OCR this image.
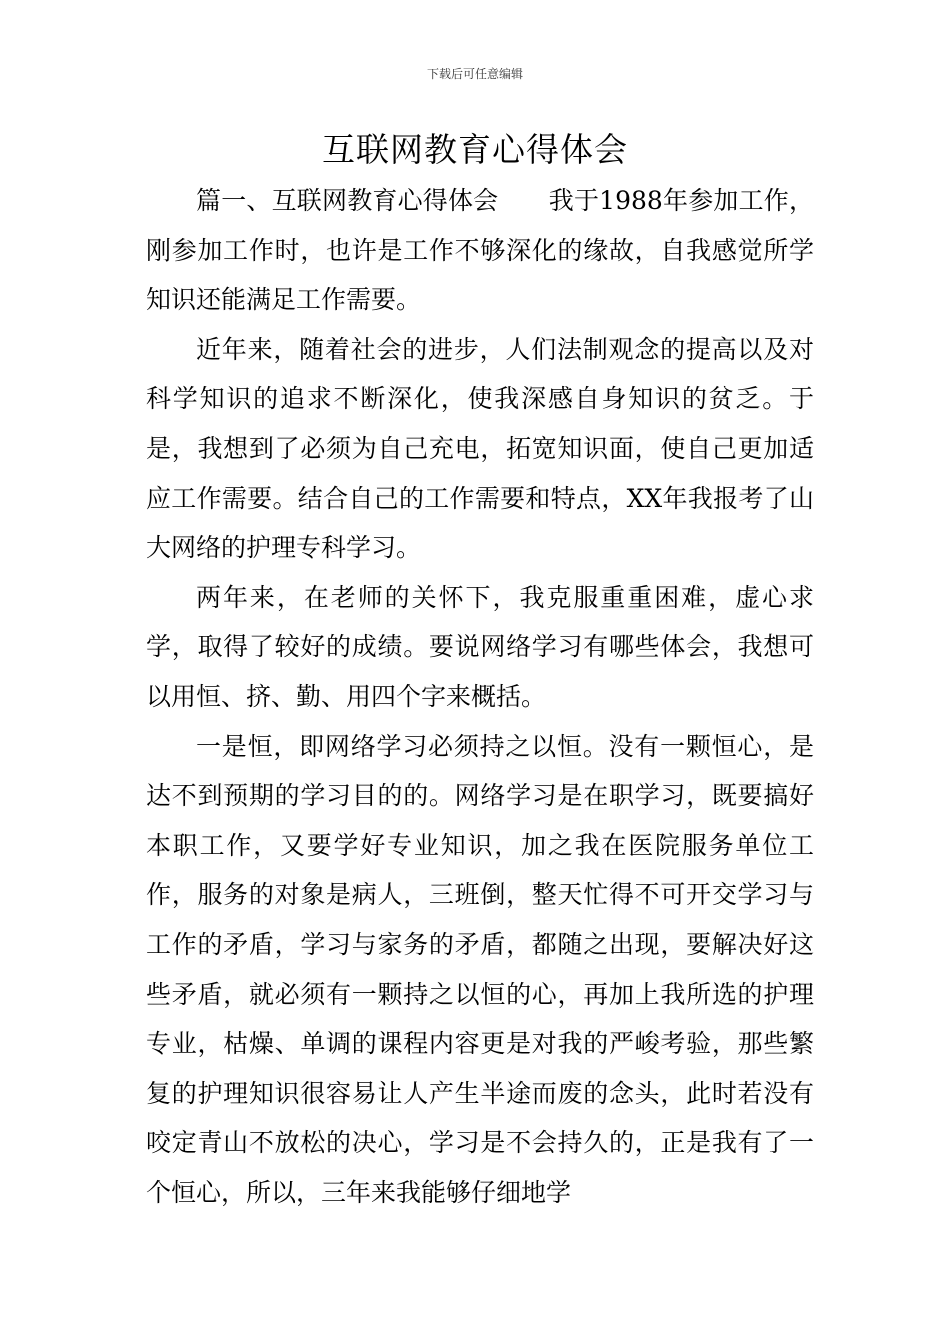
下载后可任意编辑
互联网教育心得体会

篇一、互联网教育心得体会　　我于1988年参加工作，刚参加工作时，也许是工作不够深化的缘故，自我感觉所学知识还能满足工作需要。

近年来，随着社会的进步，人们法制观念的提高以及对科学知识的追求不断深化，使我深感自身知识的贫乏。于是，我想到了必须为自己充电，拓宽知识面，使自己更加适应工作需要。结合自己的工作需要和特点，XX年我报考了山大网络的护理专科学习。

两年来，在老师的关怀下，我克服重重困难，虚心求学，取得了较好的成绩。要说网络学习有哪些体会，我想可以用恒、挤、勤、用四个字来概括。

一是恒，即网络学习必须持之以恒。没有一颗恒心，是达不到预期的学习目的的。网络学习是在职学习，既要搞好本职工作，又要学好专业知识，加之我在医院服务单位工作，服务的对象是病人，三班倒，整天忙得不可开交学习与工作的矛盾，学习与家务的矛盾，都随之出现，要解决好这些矛盾，就必须有一颗持之以恒的心，再加上我所选的护理专业，枯燥、单调的课程内容更是对我的严峻考验，那些繁复的护理知识很容易让人产生半途而废的念头，此时若没有咬定青山不放松的决心，学习是不会持久的，正是我有了一个恒心，所以，三年来我能够仔细地学
